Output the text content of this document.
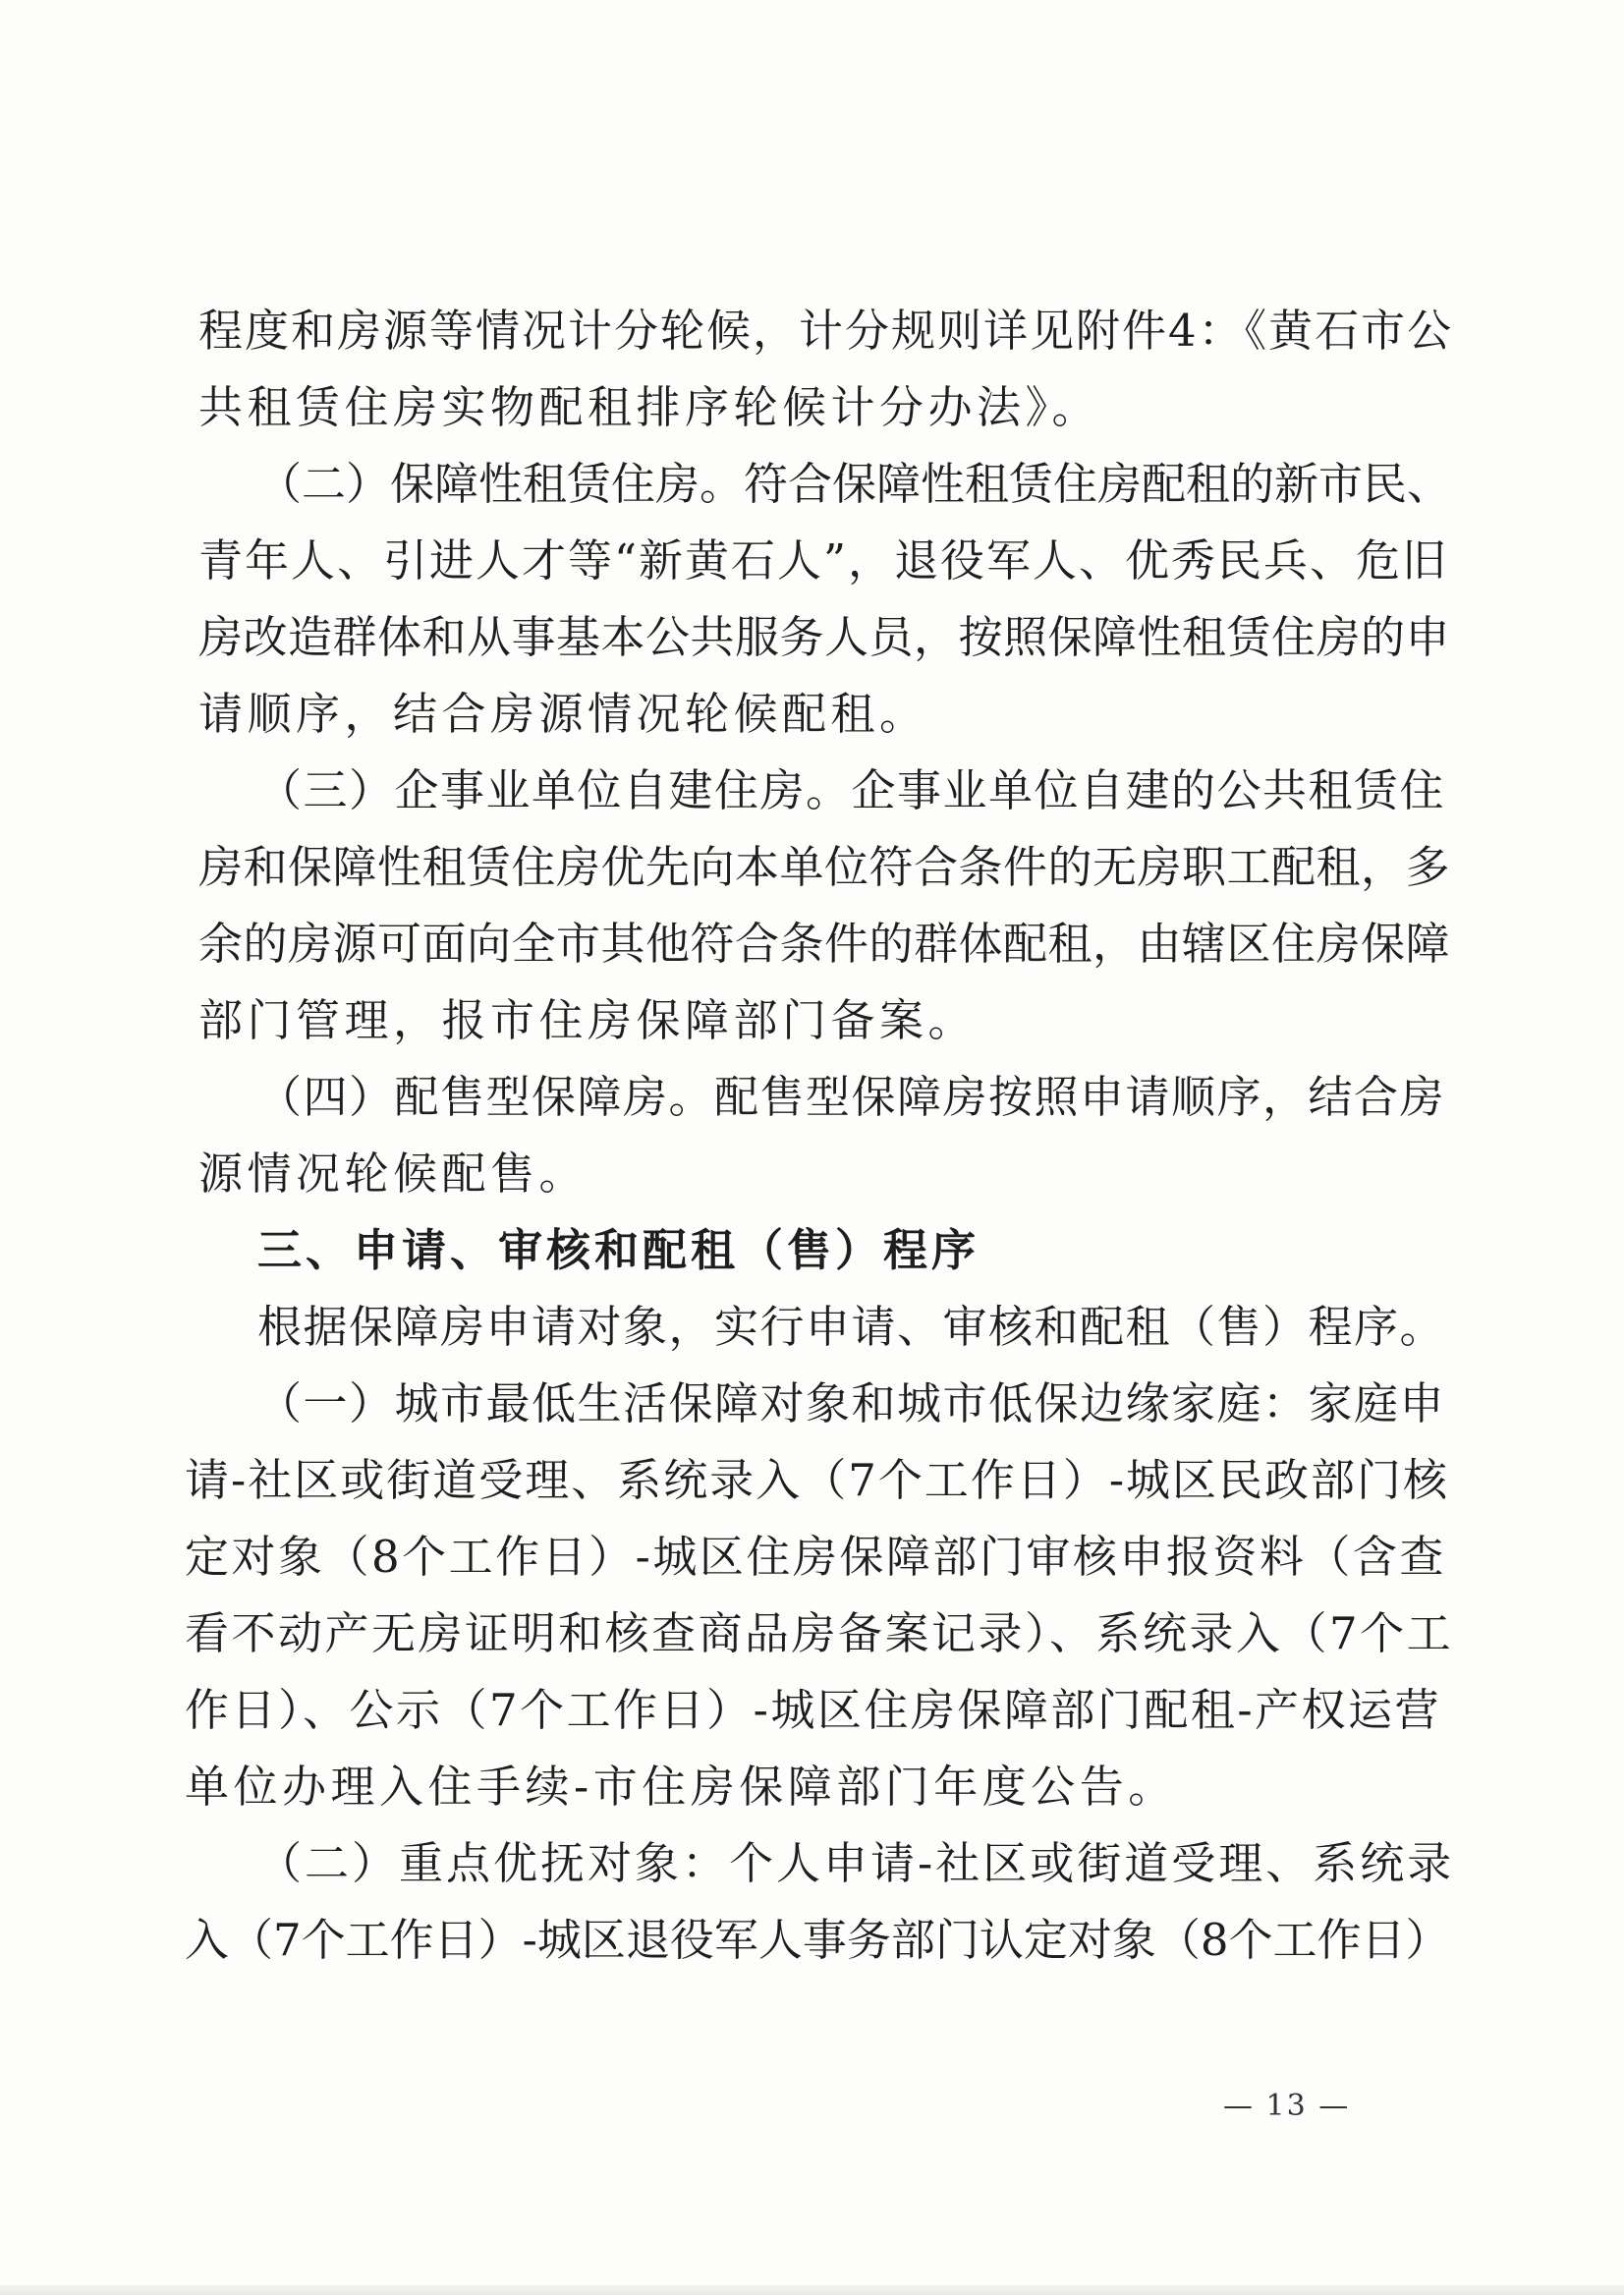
程度和房源等情况计分轮候，计分规则详见附件4：《黄石市公
共租赁住房实物配租排序轮候计分办法》。
（二）保障性租赁住房。符合保障性租赁住房配租的新市民、
青年人、引进人才等“新黄石人”，退役军人、优秀民兵、危旧
房改造群体和从事基本公共服务人员，按照保障性租赁住房的申
请顺序，结合房源情况轮候配租。
（三）企事业单位自建住房。企事业单位自建的公共租赁住
房和保障性租赁住房优先向本单位符合条件的无房职工配租，多
余的房源可面向全市其他符合条件的群体配租，由辖区住房保障
部门管理，报市住房保障部门备案。
（四）配售型保障房。配售型保障房按照申请顺序，结合房
源情况轮候配售。
三、申请、审核和配租（售）程序
根据保障房申请对象，实行申请、审核和配租（售）程序。
（一）城市最低生活保障对象和城市低保边缘家庭：家庭申
请-社区或街道受理、系统录入（7个工作日）-城区民政部门核
定对象（8个工作日）-城区住房保障部门审核申报资料（含查
看不动产无房证明和核查商品房备案记录）、系统录入（7个工
作日）、公示（7个工作日）-城区住房保障部门配租-产权运营
单位办理入住手续-市住房保障部门年度公告。
（二）重点优抚对象：个人申请-社区或街道受理、系统录
入（7个工作日）-城区退役军人事务部门认定对象（8个工作日）
— 13 —
